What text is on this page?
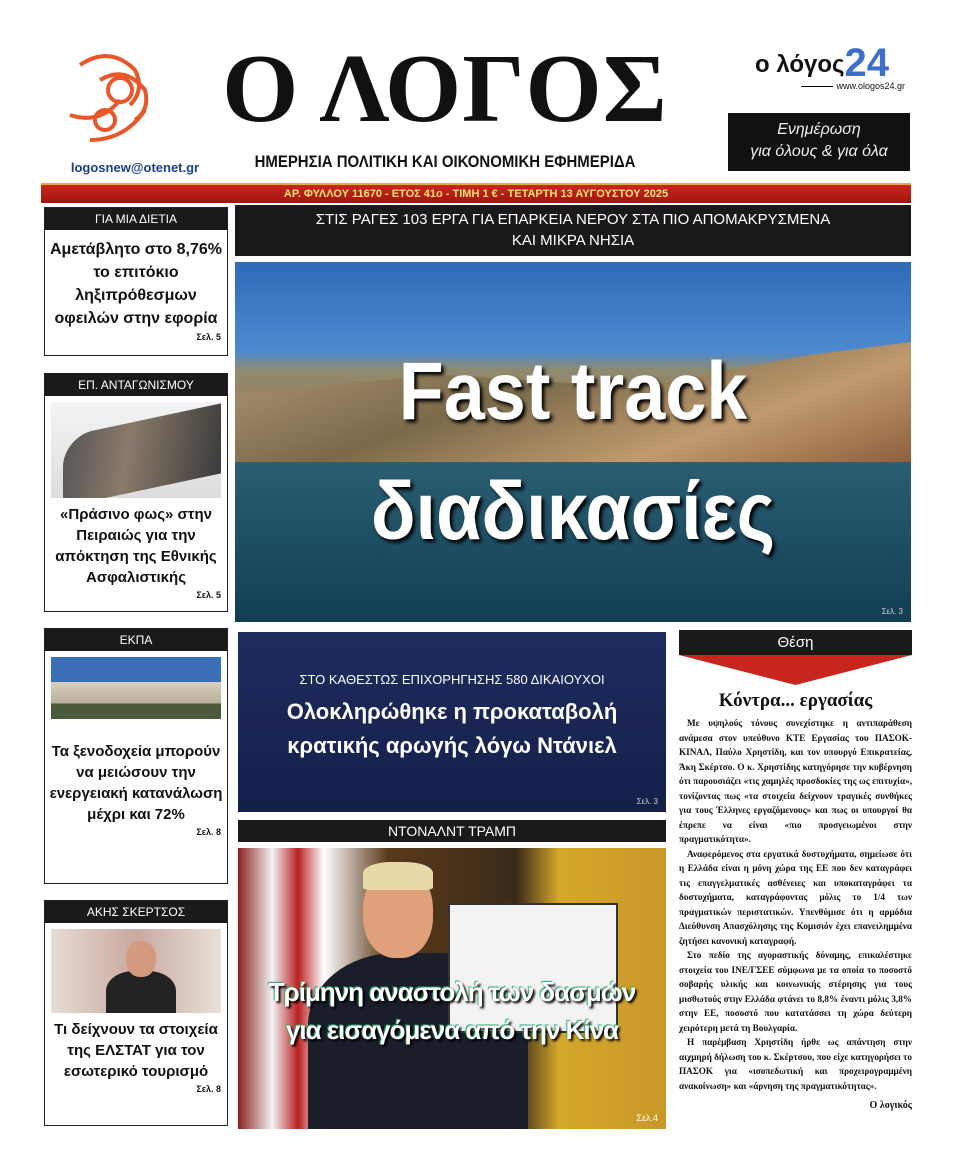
logosnew@otenet.gr
Ο ΛΟΓΟΣ
ΗΜΕΡΗΣΙΑ ΠΟΛΙΤΙΚΗ ΚΑΙ ΟΙΚΟΝΟΜΙΚΗ ΕΦΗΜΕΡΙΔΑ
ο λόγος24
www.ologos24.gr
Ενημέρωση
για όλους & για όλα
ΑΡ. ΦΥΛΛΟΥ 11670 - ΕΤΟΣ 41ο - ΤΙΜΗ 1 € - ΤΕΤΑΡΤΗ 13 ΑΥΓΟΥΣΤΟΥ 2025
ΓΙΑ ΜΙΑ ΔΙΕΤΙΑ
Αμετάβλητο στο 8,76% το επιτόκιο ληξιπρόθεσμων οφειλών στην εφορία
Σελ. 5
ΕΠ. ΑΝΤΑΓΩΝΙΣΜΟΥ
«Πράσινο φως» στην Πειραιώς για την απόκτηση της Εθνικής Ασφαλιστικής
Σελ. 5
ΕΚΠΑ
Τα ξενοδοχεία μπορούν να μειώσουν την ενεργειακή κατανάλωση μέχρι και 72%
Σελ. 8
ΑΚΗΣ ΣΚΕΡΤΣΟΣ
Τι δείχνουν τα στοιχεία της ΕΛΣΤΑΤ για τον εσωτερικό τουρισμό
Σελ. 8
ΣΤΙΣ ΡΑΓΕΣ 103 ΕΡΓΑ ΓΙΑ ΕΠΑΡΚΕΙΑ ΝΕΡΟΥ ΣΤΑ ΠΙΟ ΑΠΟΜΑΚΡΥΣΜΕΝΑ
ΚΑΙ ΜΙΚΡΑ ΝΗΣΙΑ
Fast track
διαδικασίες
Σελ. 3
ΣΤΟ ΚΑΘΕΣΤΩΣ ΕΠΙΧΟΡΗΓΗΣΗΣ 580 ΔΙΚΑΙΟΥΧΟΙ
Ολοκληρώθηκε η προκαταβολή
κρατικής αρωγής λόγω Ντάνιελ
Σελ. 3
ΝΤΟΝΑΛΝΤ ΤΡΑΜΠ
Τρίμηνη αναστολή των δασμών
για εισαγόμενα από την Κίνα
Σελ.4
Θέση
Κόντρα... εργασίας

Με υψηλούς τόνους συνεχίστηκε η αντιπαράθεση ανάμεσα στον υπεύθυνο ΚΤΕ Εργασίας του ΠΑΣΟΚ-ΚΙΝΑΛ, Παύλο Χρηστίδη, και τον υπουργό Επικρατείας, Άκη Σκέρτσο. Ο κ. Χρηστίδης κατηγόρησε την κυβέρνηση ότι παρουσιάζει «τις χαμηλές προσδοκίες της ως επιτυχία», τονίζοντας πως «τα στοιχεία δείχνουν τραγικές συνθήκες για τους Έλληνες εργαζόμενους» και πως οι υπουργοί θα έπρεπε να είναι «πιο προσγειωμένοι στην πραγματικότητα».

Αναφερόμενος στα εργατικά δυστυχήματα, σημείωσε ότι η Ελλάδα είναι η μόνη χώρα της ΕΕ που δεν καταγράφει τις επαγγελματικές ασθένειες και υποκαταγράφει τα δυστυχήματα, καταγράφοντας μόλις το 1/4 των πραγματικών περιστατικών. Υπενθύμισε ότι η αρμόδια Διεύθυνση Απασχόλησης της Κομισιόν έχει επανειλημμένα ζητήσει κανονική καταγραφή.

Στο πεδίο της αγοραστικής δύναμης, επικαλέστηκε στοιχεία του ΙΝΕ/ΓΣΕΕ σύμφωνα με τα οποία το ποσοστό σοβαρής υλικής και κοινωνικής στέρησης για τους μισθωτούς στην Ελλάδα φτάνει το 8,8% έναντι μόλις 3,8% στην ΕΕ, ποσοστό που κατατάσσει τη χώρα δεύτερη χειρότερη μετά τη Βουλγαρία.

Η παρέμβαση Χρηστίδη ήρθε ως απάντηση στην αιχμηρή δήλωση του κ. Σκέρτσου, που είχε κατηγορήσει το ΠΑΣΟΚ για «ισοπεδωτική και προχειρογραμμένη ανακοίνωση» και «άρνηση της πραγματικότητας».

Ο λογικός
